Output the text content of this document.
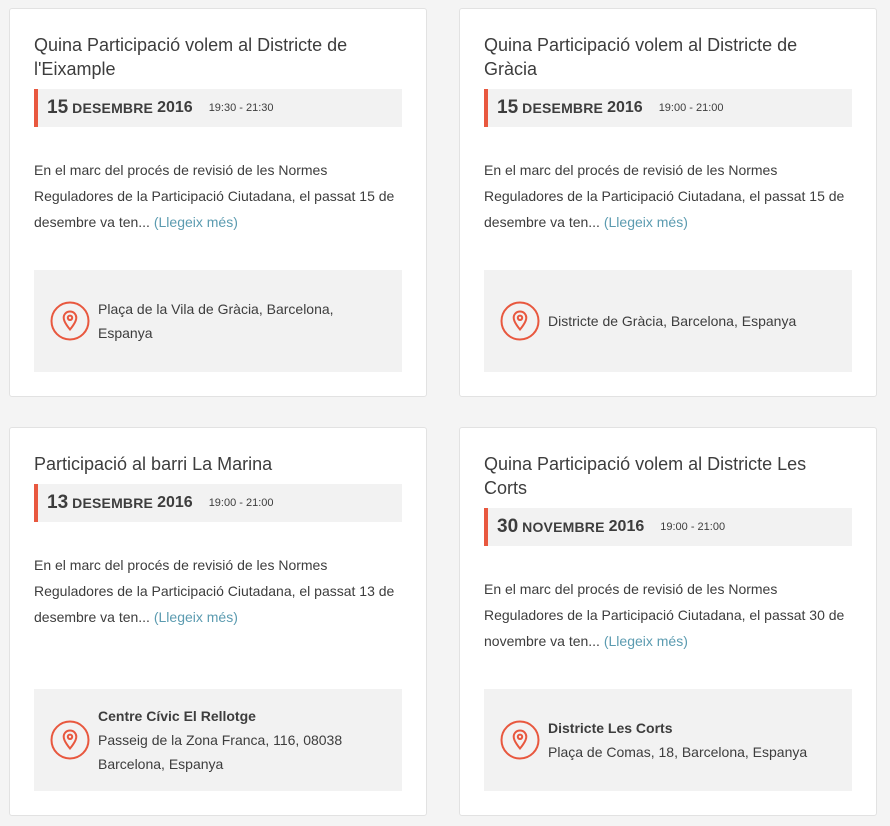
Quina Participació volem al Districte de l'Eixample
15 DESEMBRE 2016 19:30 - 21:30

En el marc del procés de revisió de les Normes Reguladores de la Participació Ciutadana, el passat 15 de desembre va ten... (Llegeix més)

Plaça de la Vila de Gràcia, Barcelona, Espanya
Quina Participació volem al Districte de Gràcia
15 DESEMBRE 2016 19:00 - 21:00

En el marc del procés de revisió de les Normes Reguladores de la Participació Ciutadana, el passat 15 de desembre va ten... (Llegeix més)

Districte de Gràcia, Barcelona, Espanya
Participació al barri La Marina
13 DESEMBRE 2016 19:00 - 21:00

En el marc del procés de revisió de les Normes Reguladores de la Participació Ciutadana, el passat 13 de desembre va ten... (Llegeix més)

Centre Cívic El Rellotge
Passeig de la Zona Franca, 116, 08038 Barcelona, Espanya
Quina Participació volem al Districte Les Corts
30 NOVEMBRE 2016 19:00 - 21:00

En el marc del procés de revisió de les Normes Reguladores de la Participació Ciutadana, el passat 30 de novembre va ten... (Llegeix més)

Districte Les Corts
Plaça de Comas, 18, Barcelona, Espanya
